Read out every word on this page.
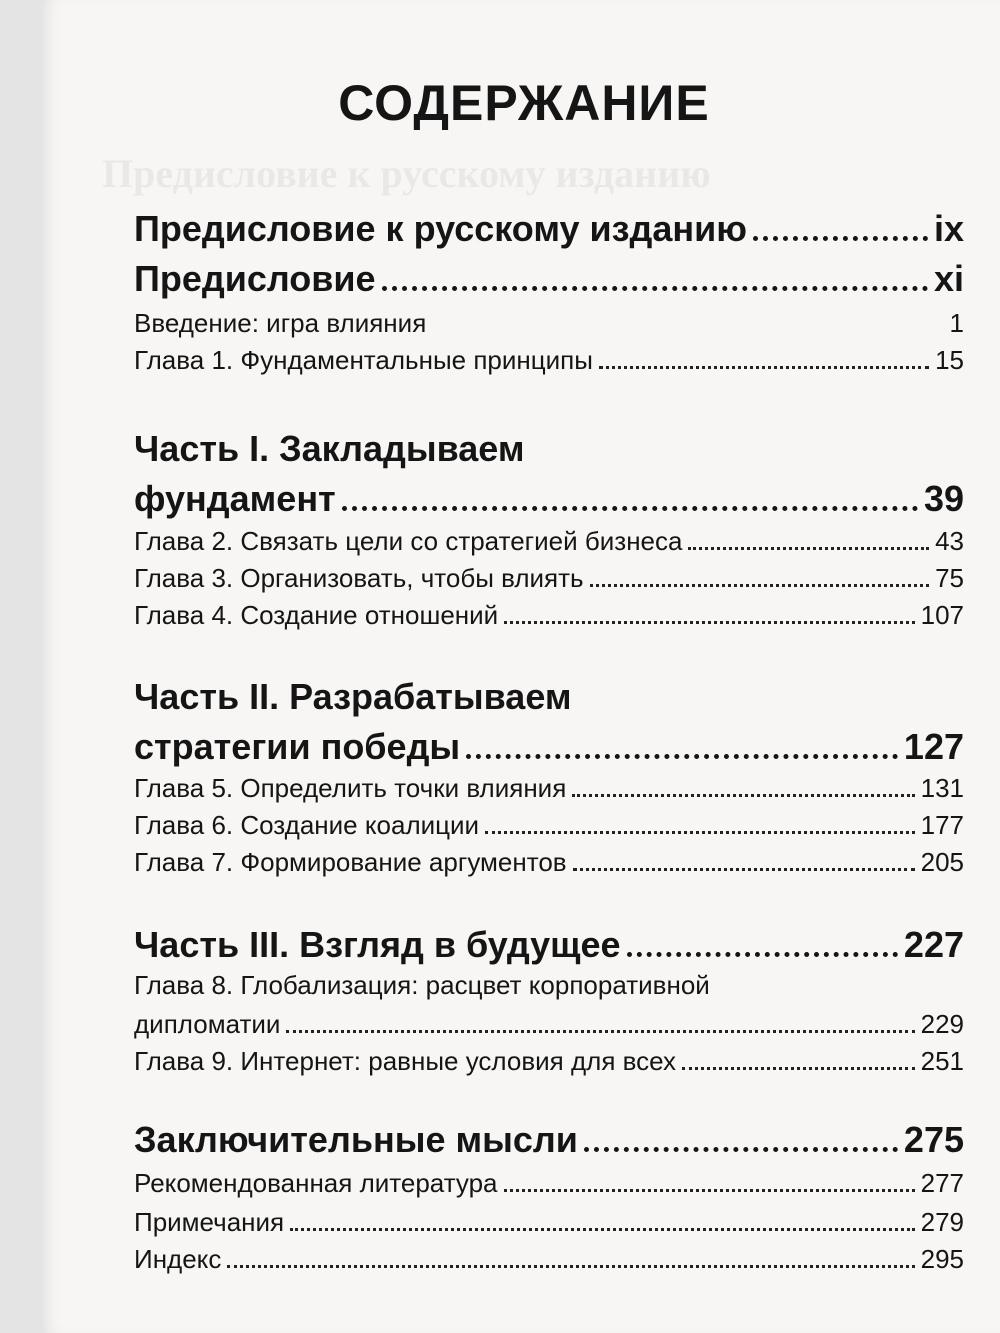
Предисловие к русскому изданию
СОДЕРЖАНИЕ
Предисловие к русскому изданию	ix
Предисловие	xi
Введение: игра влияния	1
Глава 1. Фундаментальные принципы	15
Часть I. Закладываем
фундамент	39
Глава 2. Связать цели со стратегией бизнеса	43
Глава 3. Организовать, чтобы влиять	75
Глава 4. Создание отношений	107
Часть II. Разрабатываем
стратегии победы	127
Глава 5. Определить точки влияния	131
Глава 6. Создание коалиции	177
Глава 7. Формирование аргументов	205
Часть III. Взгляд в будущее	227
Глава 8. Глобализация: расцвет корпоративной
дипломатии	229
Глава 9. Интернет: равные условия для всех	251
Заключительные мысли	275
Рекомендованная литература	277
Примечания	279
Индекс	295
